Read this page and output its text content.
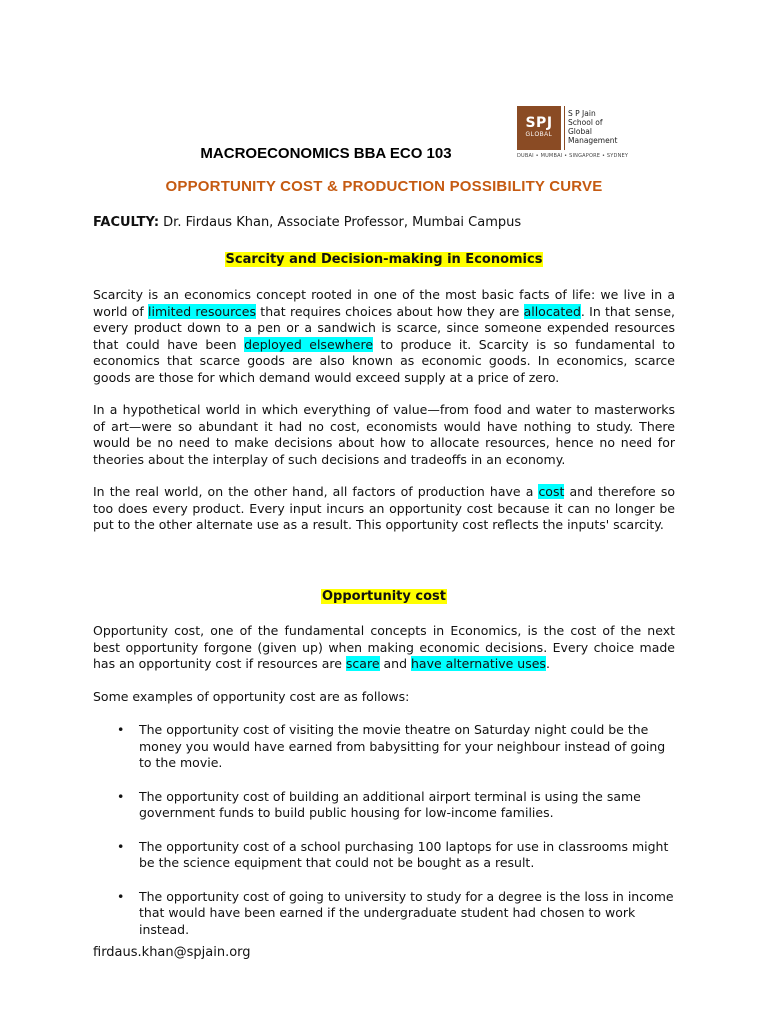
SPJ
GLOBAL
S P Jain
School of Global
Management
DUBAI • MUMBAI • SINGAPORE • SYDNEY
MACROECONOMICS BBA ECO 103
OPPORTUNITY COST & PRODUCTION POSSIBILITY CURVE
FACULTY: Dr. Firdaus Khan, Associate Professor, Mumbai Campus
Scarcity and Decision-making in Economics
Scarcity is an economics concept rooted in one of the most basic facts of life: we live in a world of limited resources that requires choices about how they are allocated. In that sense, every product down to a pen or a sandwich is scarce, since someone expended resources that could have been deployed elsewhere to produce it. Scarcity is so fundamental to economics that scarce goods are also known as economic goods. In economics, scarce goods are those for which demand would exceed supply at a price of zero.
In a hypothetical world in which everything of value—from food and water to masterworks of art—were so abundant it had no cost, economists would have nothing to study. There would be no need to make decisions about how to allocate resources, hence no need for theories about the interplay of such decisions and tradeoffs in an economy.
In the real world, on the other hand, all factors of production have a cost and therefore so too does every product. Every input incurs an opportunity cost because it can no longer be put to the other alternate use as a result. This opportunity cost reflects the inputs' scarcity.
Opportunity cost
Opportunity cost, one of the fundamental concepts in Economics, is the cost of the next best opportunity forgone (given up) when making economic decisions. Every choice made has an opportunity cost if resources are scare and have alternative uses.
Some examples of opportunity cost are as follows:
• The opportunity cost of visiting the movie theatre on Saturday night could be the money you would have earned from babysitting for your neighbour instead of going to the movie.
• The opportunity cost of building an additional airport terminal is using the same government funds to build public housing for low-income families.
• The opportunity cost of a school purchasing 100 laptops for use in classrooms might be the science equipment that could not be bought as a result.
• The opportunity cost of going to university to study for a degree is the loss in income that would have been earned if the undergraduate student had chosen to work instead.
firdaus.khan@spjain.org
